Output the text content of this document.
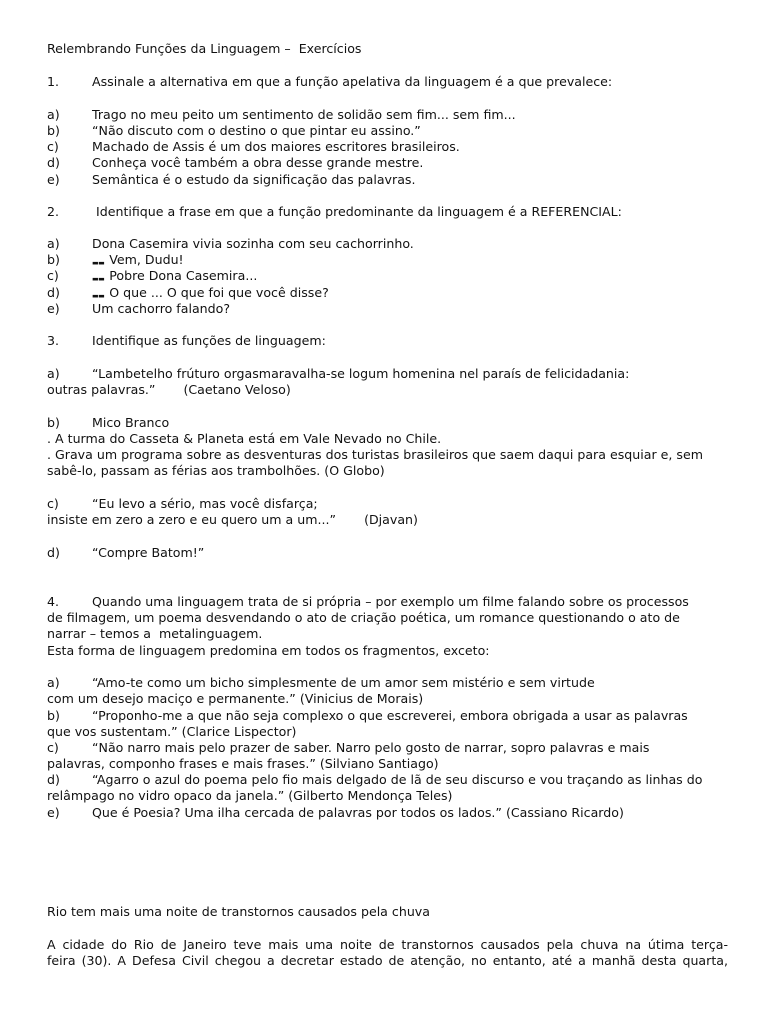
Relembrando Funções da Linguagem –  Exercícios
1.	Assinale a alternativa em que a função apelativa da linguagem é a que prevalece:
a)	Trago no meu peito um sentimento de solidão sem fim... sem fim...
b)	“Não discuto com o destino o que pintar eu assino.”
c)	Machado de Assis é um dos maiores escritores brasileiros.
d)	Conheça você também a obra desse grande mestre.
e)	Semântica é o estudo da significação das palavras.
2.	Identifique a frase em que a função predominante da linguagem é a REFERENCIAL:
a)	Dona Casemira vivia sozinha com seu cachorrinho.
b)	▬▬ Vem, Dudu!
c)	▬▬ Pobre Dona Casemira...
d)	▬▬ O que ... O que foi que você disse?
e)	Um cachorro falando?
3.	Identifique as funções de linguagem:
a)	“Lambetelho frúturo orgasmaravalha-se logum homenina nel paraís de felicidadania:
outras palavras.”       (Caetano Veloso)
b)	Mico Branco
. A turma do Casseta & Planeta está em Vale Nevado no Chile.
. Grava um programa sobre as desventuras dos turistas brasileiros que saem daqui para esquiar e, sem
sabê-lo, passam as férias aos trambolhões. (O Globo)
c)	“Eu levo a sério, mas você disfarça;
insiste em zero a zero e eu quero um a um...”       (Djavan)
d)	“Compre Batom!”
4.	Quando uma linguagem trata de si própria – por exemplo um filme falando sobre os processos
de filmagem, um poema desvendando o ato de criação poética, um romance questionando o ato de
narrar – temos a  metalinguagem.
Esta forma de linguagem predomina em todos os fragmentos, exceto:
a)	“Amo-te como um bicho simplesmente de um amor sem mistério e sem virtude
com um desejo maciço e permanente.” (Vinicius de Morais)
b)	“Proponho-me a que não seja complexo o que escreverei, embora obrigada a usar as palavras
que vos sustentam.” (Clarice Lispector)
c)	“Não narro mais pelo prazer de saber. Narro pelo gosto de narrar, sopro palavras e mais
palavras, componho frases e mais frases.” (Silviano Santiago)
d)	“Agarro o azul do poema pelo fio mais delgado de lã de seu discurso e vou traçando as linhas do
relâmpago no vidro opaco da janela.” (Gilberto Mendonça Teles)
e)	Que é Poesia? Uma ilha cercada de palavras por todos os lados.” (Cassiano Ricardo)
Rio tem mais uma noite de transtornos causados pela chuva
A cidade do Rio de Janeiro teve mais uma noite de transtornos causados pela chuva na útima terça-
feira (30). A Defesa Civil chegou a decretar estado de atenção, no entanto, até a manhã desta quarta,
